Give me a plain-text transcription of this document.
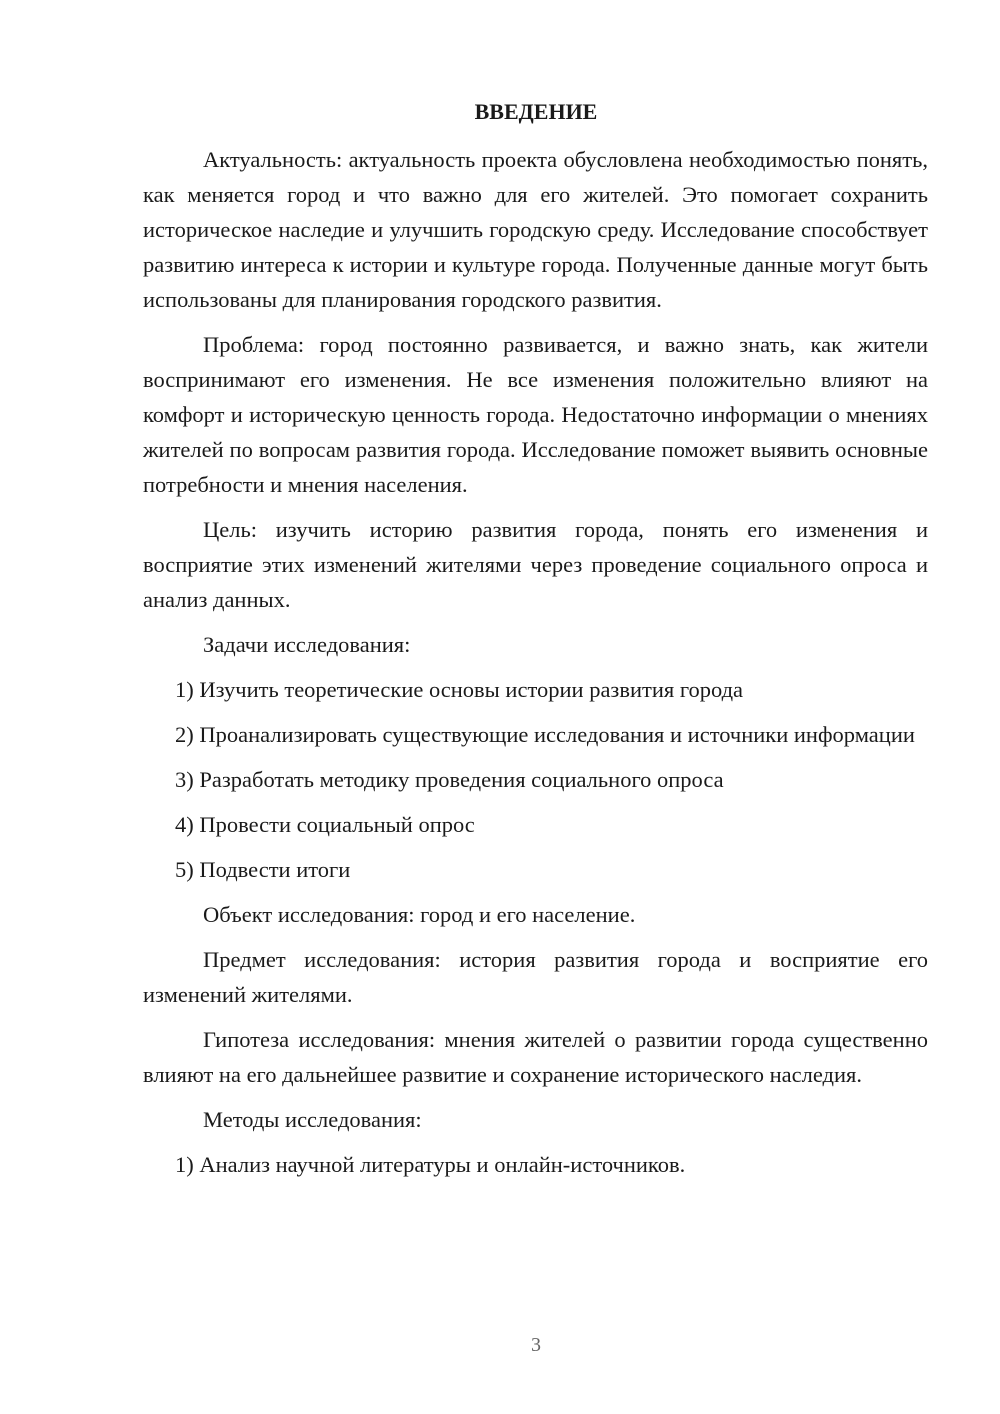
ВВЕДЕНИЕ

Актуальность: актуальность проекта обусловлена необходимостью понять, как меняется город и что важно для его жителей. Это помогает сохранить историческое наследие и улучшить городскую среду. Исследование способствует развитию интереса к истории и культуре города. Полученные данные могут быть использованы для планирования городского развития.

Проблема: город постоянно развивается, и важно знать, как жители воспринимают его изменения. Не все изменения положительно влияют на комфорт и историческую ценность города. Недостаточно информации о мнениях жителей по вопросам развития города. Исследование поможет выявить основные потребности и мнения населения.

Цель: изучить историю развития города, понять его изменения и восприятие этих изменений жителями через проведение социального опроса и анализ данных.

Задачи исследования:

1) Изучить теоретические основы истории развития города

2) Проанализировать существующие исследования и источники информации

3) Разработать методику проведения социального опроса

4) Провести социальный опрос

5) Подвести итоги

Объект исследования: город и его население.

Предмет исследования: история развития города и восприятие его изменений жителями.

Гипотеза исследования: мнения жителей о развитии города существенно влияют на его дальнейшее развитие и сохранение исторического наследия.

Методы исследования:

1) Анализ научной литературы и онлайн-источников.

3
